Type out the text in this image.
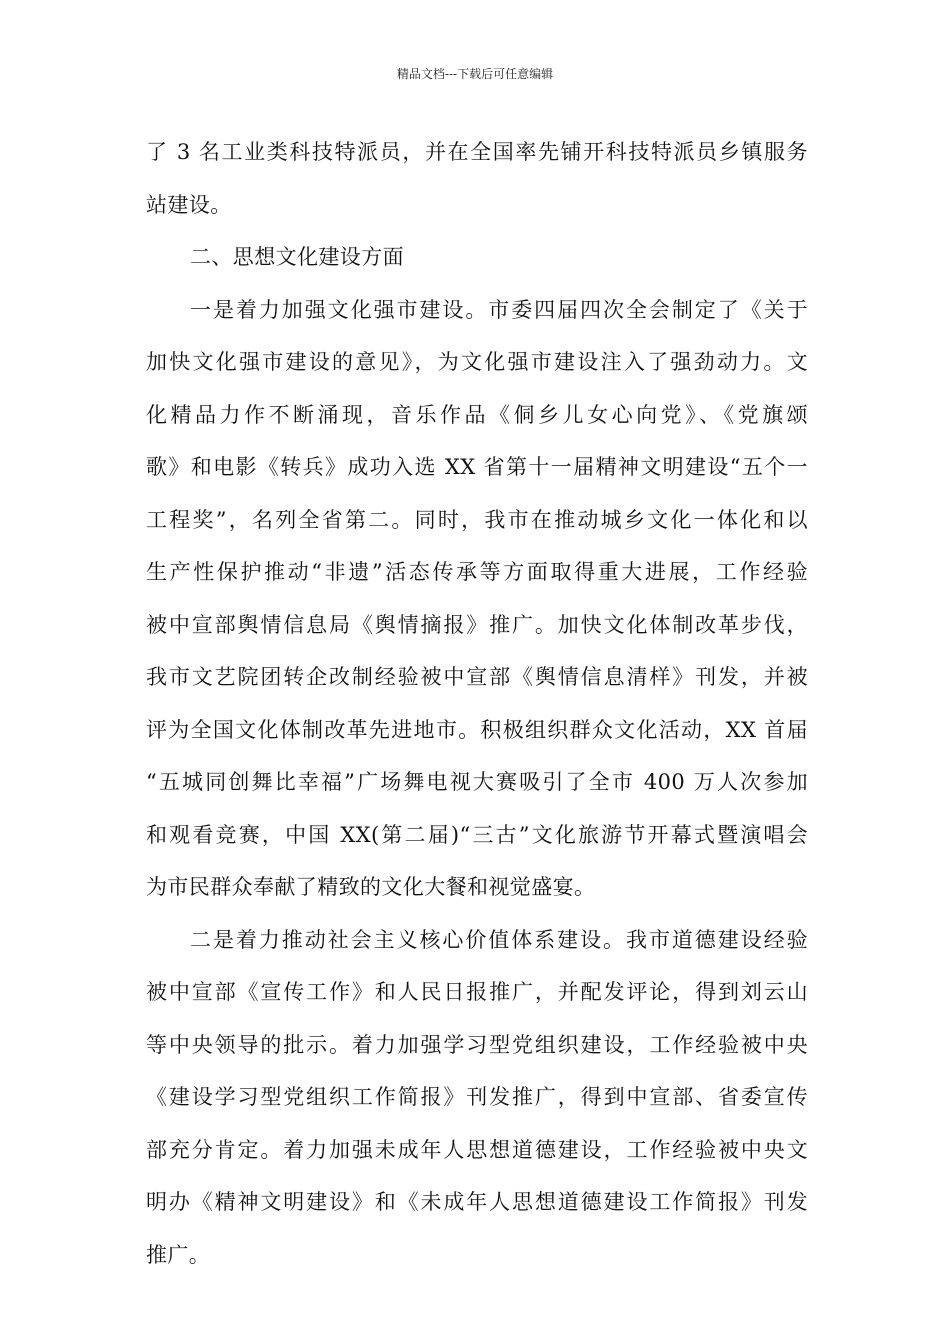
精品文档---下载后可任意编辑
了 3 名工业类科技特派员，并在全国率先铺开科技特派员乡镇服务
站建设。
二、思想文化建设方面
一是着力加强文化强市建设。市委四届四次全会制定了《关于
加快文化强市建设的意见》，为文化强市建设注入了强劲动力。文
化精品力作不断涌现，音乐作品《侗乡儿女心向党》、《党旗颂
歌》和电影《转兵》成功入选 XX 省第十一届精神文明建设“五个一
工程奖”，名列全省第二。同时，我市在推动城乡文化一体化和以
生产性保护推动“非遗”活态传承等方面取得重大进展，工作经验
被中宣部舆情信息局《舆情摘报》推广。加快文化体制改革步伐，
我市文艺院团转企改制经验被中宣部《舆情信息清样》刊发，并被
评为全国文化体制改革先进地市。积极组织群众文化活动，XX 首届
“五城同创舞比幸福”广场舞电视大赛吸引了全市 400 万人次参加
和观看竞赛，中国 XX(第二届)“三古”文化旅游节开幕式暨演唱会
为市民群众奉献了精致的文化大餐和视觉盛宴。
二是着力推动社会主义核心价值体系建设。我市道德建设经验
被中宣部《宣传工作》和人民日报推广，并配发评论，得到刘云山
等中央领导的批示。着力加强学习型党组织建设，工作经验被中央
《建设学习型党组织工作简报》刊发推广，得到中宣部、省委宣传
部充分肯定。着力加强未成年人思想道德建设，工作经验被中央文
明办《精神文明建设》和《未成年人思想道德建设工作简报》刊发
推广。
